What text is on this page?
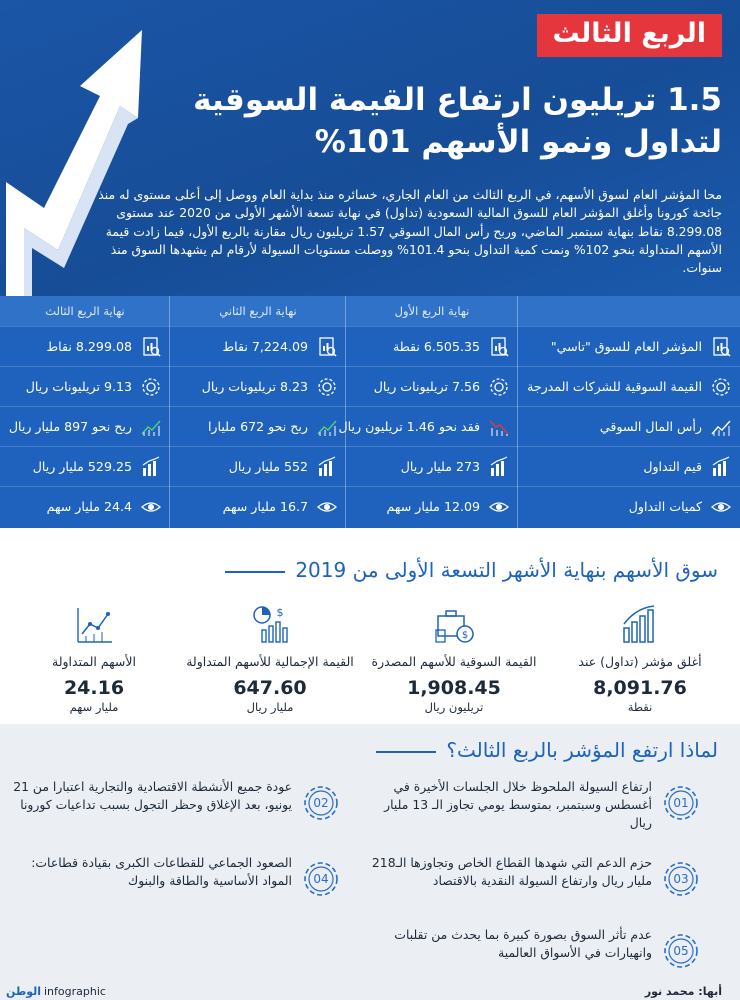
الربع الثالث
1.5 تريليون ارتفاع القيمة السوقية
لتداول ونمو الأسهم 101%

محا المؤشر العام لسوق الأسهم، في الربع الثالث من العام الجاري، خسائره منذ بداية العام ووصل إلى أعلى مستوى له منذ جائحة كورونا وأغلق المؤشر العام للسوق المالية السعودية (تداول) في نهاية تسعة الأشهر الأولى من 2020 عند مستوى 8.299.08 نقاط بنهاية سبتمبر الماضي، وربح رأس المال السوقي 1.57 تريليون ريال مقارنة بالربع الأول، فيما زادت قيمة الأسهم المتداولة بنحو 102% ونمت كمية التداول بنحو 101.4% ووصلت مستويات السيولة لأرقام لم يشهدها السوق منذ سنوات.

نهاية الربع الأول
نهاية الربع الثاني
نهاية الربع الثالث
المؤشر العام للسوق "تاسي"
6.505.35 نقطة
7,224.09 نقاط
8.299.08 نقاط
القيمة السوقية للشركات المدرجة
7.56 تريليونات ريال
8.23 تريليونات ريال
9.13 تريليونات ريال
رأس المال السوقي
فقد نحو 1.46 تريليون ريال
ربح نحو 672 مليارا
ربح نحو 897 مليار ريال
قيم التداول
273 مليار ريال
552 مليار ريال
529.25 مليار ريال
كميات التداول
12.09 مليار سهم
16.7 مليار سهم
24.4 مليار سهم
سوق الأسهم بنهاية الأشهر التسعة الأولى من 2019
أغلق مؤشر (تداول) عند
8,091.76
نقطة
$
القيمة السوقية للأسهم المصدرة
1,908.45
تريليون ريال
$
القيمة الإجمالية للأسهم المتداولة
647.60
مليار ريال
الأسهم المتداولة
24.16
مليار سهم
لماذا ارتفع المؤشر بالربع الثالث؟
01
ارتفاع السيولة الملحوظ خلال الجلسات الأخيرة في أغسطس وسبتمبر، بمتوسط يومي تجاوز الـ 13 مليار ريال
02
عودة جميع الأنشطة الاقتصادية والتجارية اعتبارا من 21 يونيو، بعد الإغلاق وحظر التجول بسبب تداعيات كورونا
03
حزم الدعم التي شهدها القطاع الخاص وتجاوزها الـ218 مليار ريال وارتفاع السيولة النقدية بالاقتصاد
04
الصعود الجماعي للقطاعات الكبرى بقيادة قطاعات: المواد الأساسية والطاقة والبنوك
05
عدم تأثر السوق بصورة كبيرة بما يحدث من تقلبات وانهيارات في الأسواق العالمية
أبها: محمد نور
infographic
الوطن
